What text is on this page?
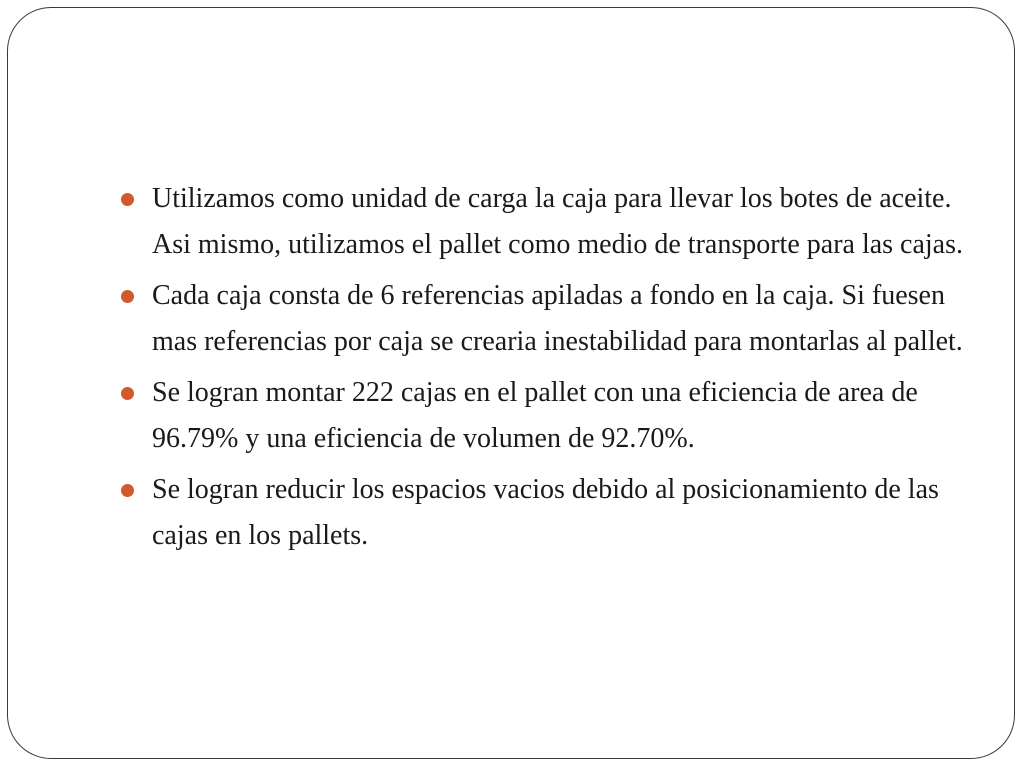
Utilizamos como unidad de carga la caja para llevar los botes de aceite. Asi mismo, utilizamos el pallet como medio de transporte para las cajas.
Cada caja consta de 6 referencias apiladas a fondo en la caja. Si fuesen mas referencias por caja se crearia inestabilidad para montarlas al pallet.
Se logran montar 222 cajas en el pallet con una eficiencia de area de 96.79% y una eficiencia de volumen de 92.70%.
Se logran reducir los espacios vacios debido al posicionamiento de las cajas en los pallets.
